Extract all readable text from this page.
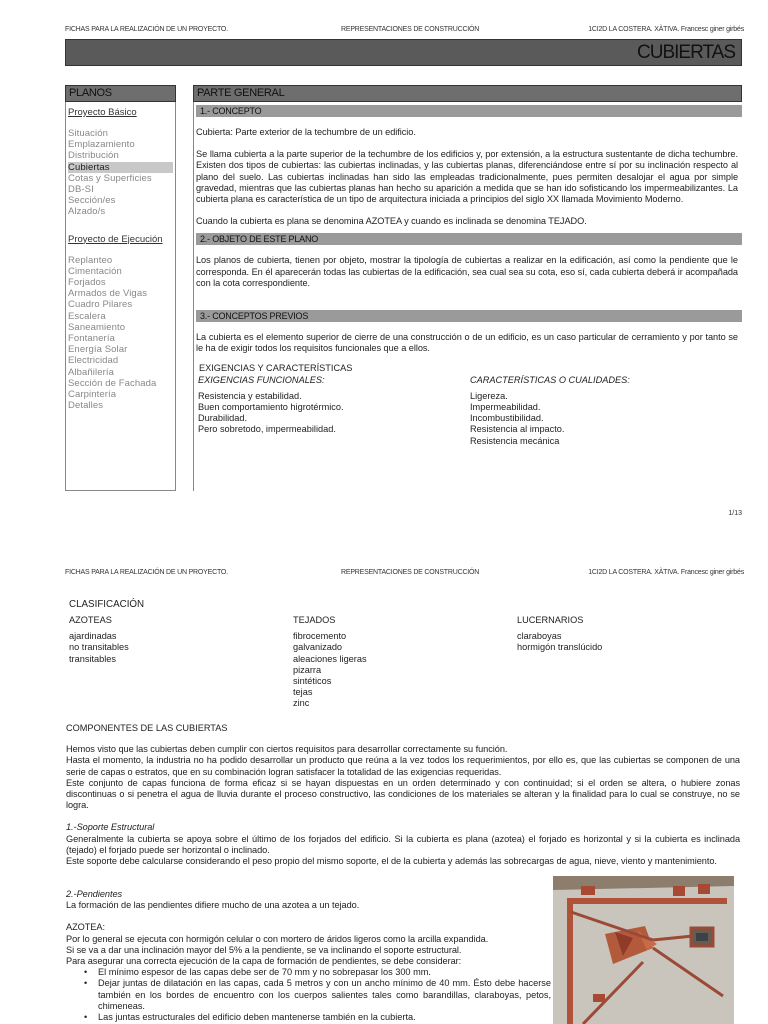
FICHAS PARA LA REALIZACIÓN DE UN PROYECTO.	REPRESENTACIONES DE CONSTRUCCIÓN	1CI2D LA COSTERA. XÀTIVA. Francesc giner girbés
CUBIERTAS
PLANOS
Proyecto Básico
Situación
Emplazamiento
Distribución
Cubiertas
Cotas y Superficies
DB-SI
Sección/es
Alzado/s
Proyecto de Ejecución
Replanteo
Cimentación
Forjados
Armados de Vigas
Cuadro Pilares
Escalera
Saneamiento
Fontanería
Energía Solar
Electricidad
Albañilería
Sección de Fachada
Carpintería
Detalles
PARTE GENERAL
1.- CONCEPTO
Cubierta: Parte exterior de la techumbre de un edificio.
Se llama cubierta a la parte superior de la techumbre de los edificios y, por extensión, a la estructura sustentante de dicha techumbre. Existen dos tipos de cubiertas: las cubiertas inclinadas, y las cubiertas planas, diferenciándose entre sí por su inclinación respecto al plano del suelo. Las cubiertas inclinadas han sido las empleadas tradicionalmente, pues permiten desalojar el agua por simple gravedad, mientras que las cubiertas planas han hecho su aparición a medida que se han ido sofisticando los impermeabilizantes. La cubierta plana es característica de un tipo de arquitectura iniciada a principios del siglo XX llamada Movimiento Moderno.
Cuando la cubierta es plana se denomina AZOTEA y cuando es inclinada se denomina TEJADO.
2.- OBJETO DE ESTE PLANO
Los planos de cubierta, tienen por objeto, mostrar la tipología de cubiertas a realizar en la edificación, así como la pendiente que le corresponda. En él aparecerán todas las cubiertas de la edificación, sea cual sea su cota, eso sí, cada cubierta deberá ir acompañada con la cota correspondiente.
3.- CONCEPTOS PREVIOS
La cubierta es el elemento superior de cierre de una construcción o de un edificio, es un caso particular de cerramiento y por tanto se le ha de exigir todos los requisitos funcionales que a ellos.
EXIGENCIAS Y CARACTERÍSTICAS
EXIGENCIAS FUNCIONALES:
Resistencia y estabilidad.
Buen comportamiento higrotérmico.
Durabilidad.
Pero sobretodo, impermeabilidad.
CARACTERÍSTICAS O CUALIDADES:
Ligereza.
Impermeabilidad.
Incombustibilidad.
Resistencia al impacto.
Resistencia mecánica
1/13
FICHAS PARA LA REALIZACIÓN DE UN PROYECTO.	REPRESENTACIONES DE CONSTRUCCIÓN	1CI2D LA COSTERA. XÀTIVA. Francesc giner girbés
CLASIFICACIÓN
AZOTEAS
ajardinadas
no transitables
transitables
TEJADOS
fibrocemento
galvanizado
aleaciones ligeras
pizarra
sintéticos
tejas
zinc
LUCERNARIOS
claraboyas
hormigón translúcido
COMPONENTES DE LAS CUBIERTAS
Hemos visto que las cubiertas deben cumplir con ciertos requisitos para desarrollar correctamente su función.
Hasta el momento, la industria no ha podido desarrollar un producto que reúna a la vez todos los requerimientos, por ello es, que las cubiertas se componen de una serie de capas o estratos, que en su combinación logran satisfacer la totalidad de las exigencias requeridas.
Este conjunto de capas funciona de forma eficaz si se hayan dispuestas en un orden determinado y con continuidad; si el orden se altera, o hubiere zonas discontinuas o si penetra el agua de lluvia durante el proceso constructivo, las condiciones de los materiales se alteran y la finalidad para lo cual se construye, no se logra.
1.-Soporte Estructural
Generalmente la cubierta se apoya sobre el último de los forjados del edificio. Si la cubierta es plana (azotea) el forjado es horizontal y si la cubierta es inclinada (tejado) el forjado puede ser horizontal o inclinado.
Este soporte debe calcularse considerando el peso propio del mismo soporte, el de la cubierta y además las sobrecargas de agua, nieve, viento y mantenimiento.
2.-Pendientes
La formación de las pendientes difiere mucho de una azotea a un tejado.
AZOTEA:
Por lo general se ejecuta con hormigón celular o con mortero de áridos ligeros como la arcilla expandida.
Si se va a dar una inclinación mayor del 5% a la pendiente, se va inclinando el soporte estructural.
Para asegurar una correcta ejecución de la capa de formación de pendientes, se debe considerar:
• El mínimo espesor de las capas debe ser de 70 mm y no sobrepasar los 300 mm.
• Dejar juntas de dilatación en las capas, cada 5 metros y con un ancho mínimo de 40 mm. Ésto debe hacerse también en los bordes de encuentro con los cuerpos salientes tales como barandillas, claraboyas, petos, chimeneas.
• Las juntas estructurales del edificio deben mantenerse también en la cubierta.
